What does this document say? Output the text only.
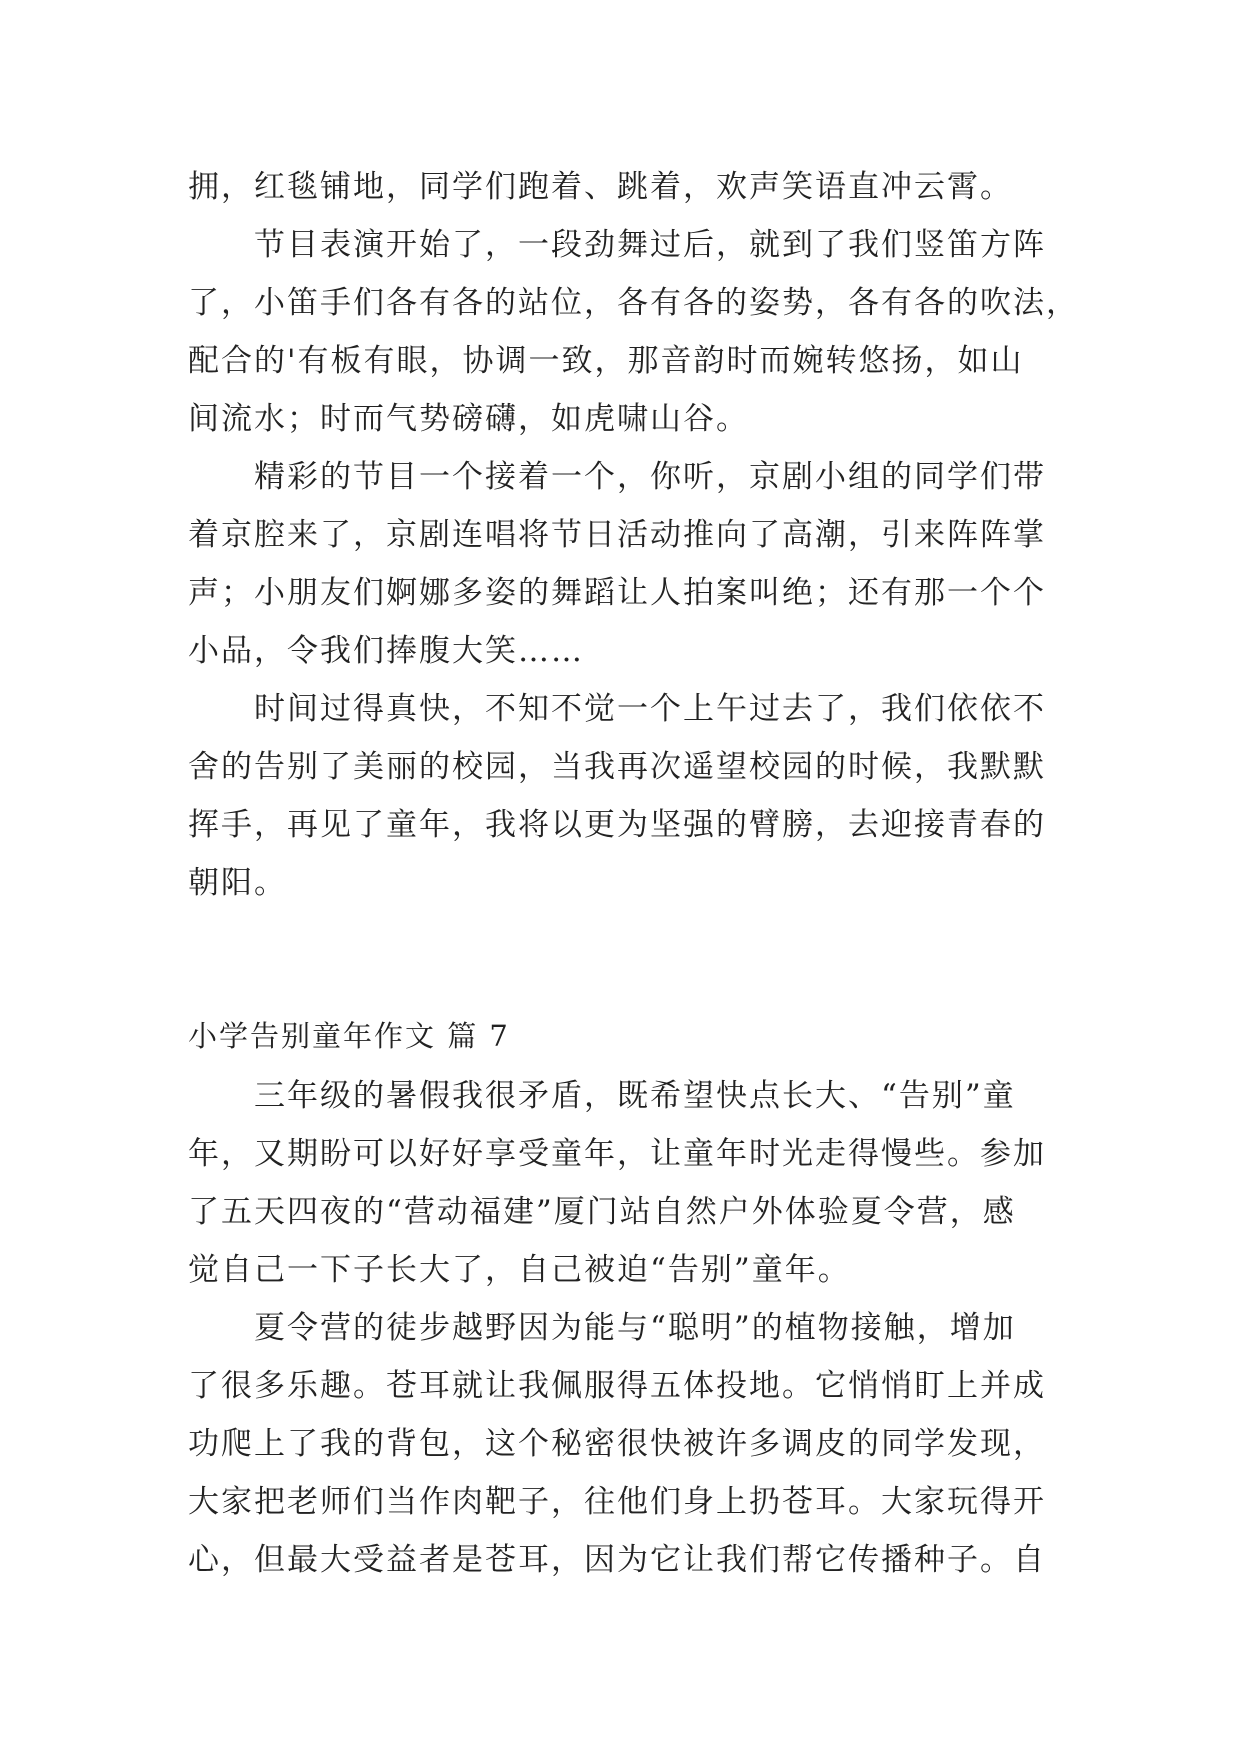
拥，红毯铺地，同学们跑着、跳着，欢声笑语直冲云霄。
节目表演开始了，一段劲舞过后，就到了我们竖笛方阵
了，小笛手们各有各的站位，各有各的姿势，各有各的吹法，
配合的'有板有眼，协调一致，那音韵时而婉转悠扬，如山
间流水；时而气势磅礴，如虎啸山谷。
精彩的节目一个接着一个，你听，京剧小组的同学们带
着京腔来了，京剧连唱将节日活动推向了高潮，引来阵阵掌
声；小朋友们婀娜多姿的舞蹈让人拍案叫绝；还有那一个个
小品，令我们捧腹大笑……
时间过得真快，不知不觉一个上午过去了，我们依依不
舍的告别了美丽的校园，当我再次遥望校园的时候，我默默
挥手，再见了童年，我将以更为坚强的臂膀，去迎接青春的
朝阳。
小学告别童年作文 篇 7
三年级的暑假我很矛盾，既希望快点长大、“告别”童
年，又期盼可以好好享受童年，让童年时光走得慢些。参加
了五天四夜的“营动福建”厦门站自然户外体验夏令营，感
觉自己一下子长大了，自己被迫“告别”童年。
夏令营的徒步越野因为能与“聪明”的植物接触，增加
了很多乐趣。苍耳就让我佩服得五体投地。它悄悄盯上并成
功爬上了我的背包，这个秘密很快被许多调皮的同学发现，
大家把老师们当作肉靶子，往他们身上扔苍耳。大家玩得开
心，但最大受益者是苍耳，因为它让我们帮它传播种子。自
